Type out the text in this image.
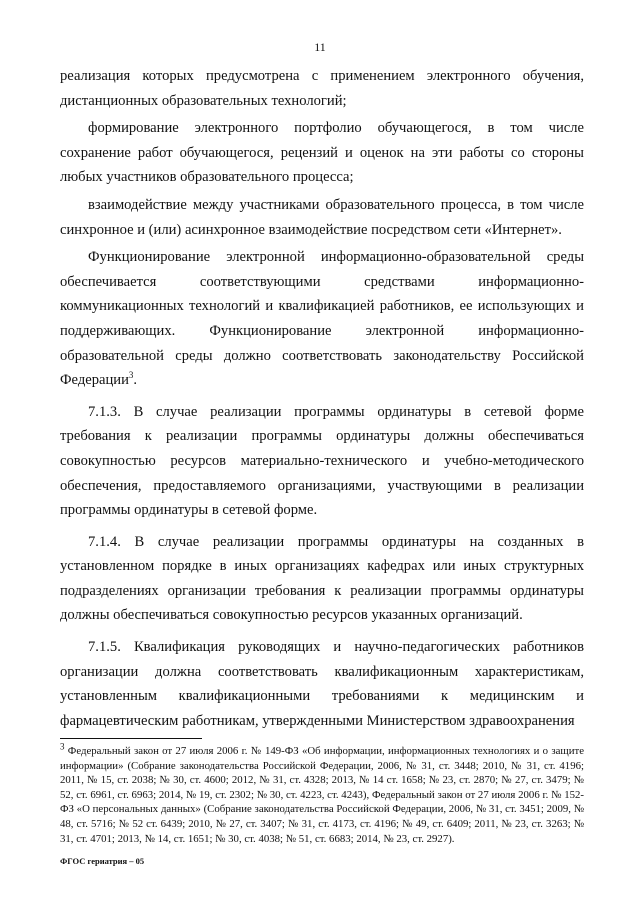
11

реализация которых предусмотрена с применением электронного обучения, дистанционных образовательных технологий;

формирование электронного портфолио обучающегося, в том числе сохранение работ обучающегося, рецензий и оценок на эти работы со стороны любых участников образовательного процесса;

взаимодействие между участниками образовательного процесса, в том числе синхронное и (или) асинхронное взаимодействие посредством сети «Интернет».

Функционирование электронной информационно-образовательной среды обеспечивается соответствующими средствами информационно-коммуникационных технологий и квалификацией работников, ее использующих и поддерживающих. Функционирование электронной информационно-образовательной среды должно соответствовать законодательству Российской Федерации$^3$.

7.1.3. В случае реализации программы ординатуры в сетевой форме требования к реализации программы ординатуры должны обеспечиваться совокупностью ресурсов материально-технического и учебно-методического обеспечения, предоставляемого организациями, участвующими в реализации программы ординатуры в сетевой форме.

7.1.4. В случае реализации программы ординатуры на созданных в установленном порядке в иных организациях кафедрах или иных структурных подразделениях организации требования к реализации программы ординатуры должны обеспечиваться совокупностью ресурсов указанных организаций.

7.1.5. Квалификация руководящих и научно-педагогических работников организации должна соответствовать квалификационным характеристикам, установленным квалификационными требованиями к медицинским и фармацевтическим работникам, утвержденными Министерством здравоохранения

$^3$ Федеральный закон от 27 июля 2006 г. № 149-ФЗ «Об информации, информационных технологиях и о защите информации» (Собрание законодательства Российской Федерации, 2006, № 31, ст. 3448; 2010, № 31, ст. 4196; 2011, № 15, ст. 2038; № 30, ст. 4600; 2012, № 31, ст. 4328; 2013, № 14 ст. 1658; № 23, ст. 2870; № 27, ст. 3479; № 52, ст. 6961, ст. 6963; 2014, № 19, ст. 2302; № 30, ст. 4223, ст. 4243), Федеральный закон от 27 июля 2006 г. № 152-ФЗ «О персональных данных» (Собрание законодательства Российской Федерации, 2006, № 31, ст. 3451; 2009, № 48, ст. 5716; № 52 ст. 6439; 2010, № 27, ст. 3407; № 31, ст. 4173, ст. 4196; № 49, ст. 6409; 2011, № 23, ст. 3263; № 31, ст. 4701; 2013, № 14, ст. 1651; № 30, ст. 4038; № 51, ст. 6683; 2014, № 23, ст. 2927).

ФГОС гериатрия – 05
